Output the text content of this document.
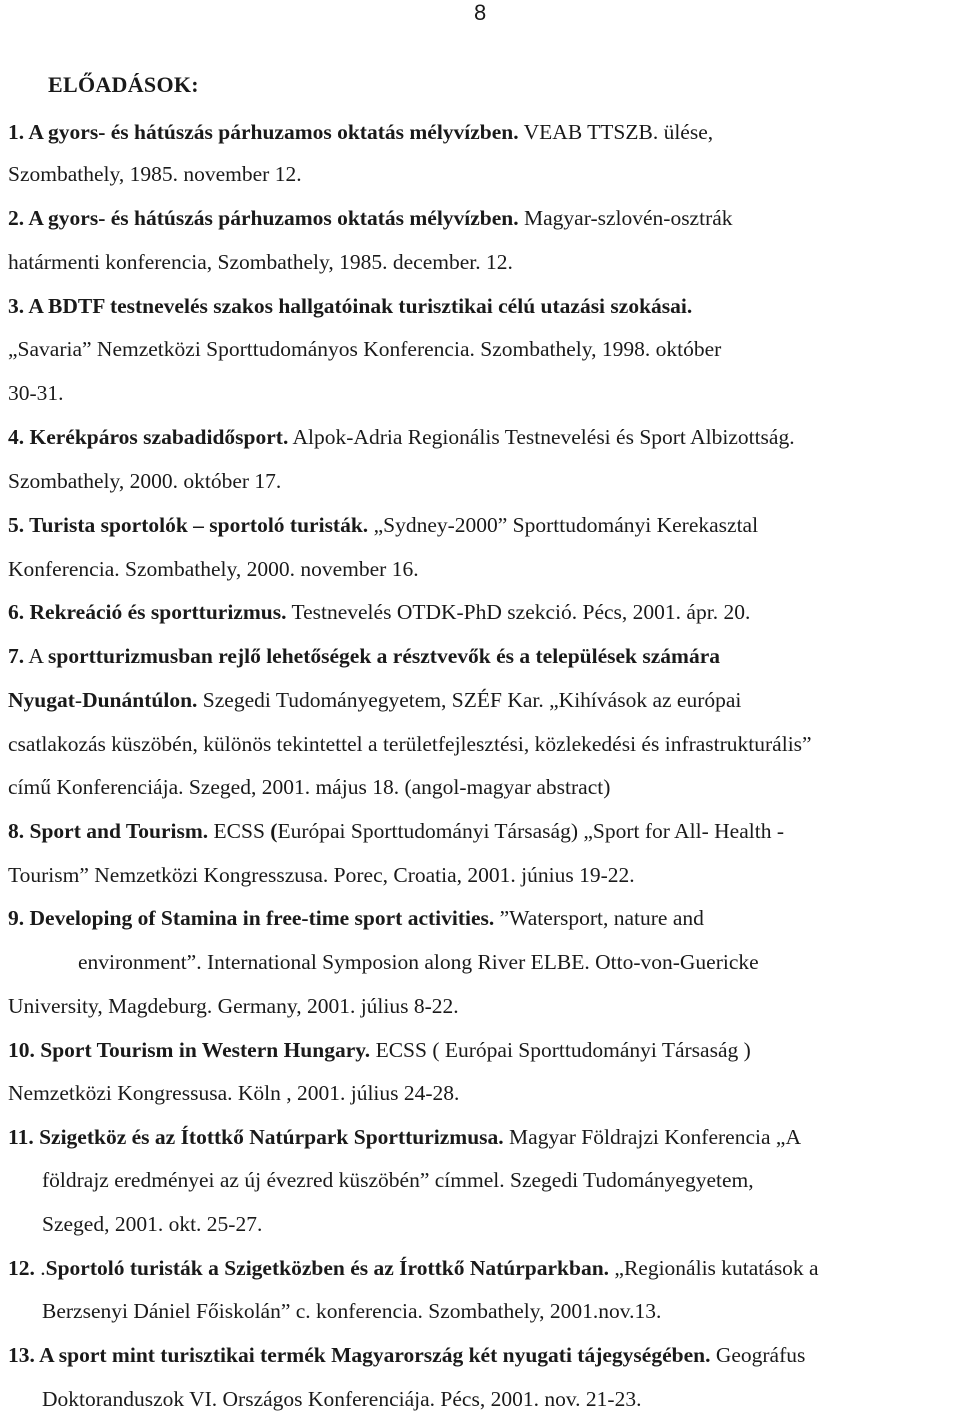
8
ELŐADÁSOK:
1. A gyors- és hátúszás párhuzamos oktatás mélyvízben. VEAB TTSZB. ülése,
Szombathely, 1985. november 12.
2. A gyors- és hátúszás párhuzamos oktatás mélyvízben. Magyar-szlovén-osztrák
határmenti konferencia, Szombathely, 1985. december. 12.
3. A BDTF testnevelés szakos hallgatóinak turisztikai célú utazási szokásai.
„Savaria” Nemzetközi Sporttudományos Konferencia. Szombathely, 1998. október
30-31.
4. Kerékpáros szabadidősport. Alpok-Adria Regionális Testnevelési és Sport Albizottság.
Szombathely, 2000. október 17.
5. Turista sportolók – sportoló turisták. „Sydney-2000” Sporttudományi Kerekasztal
Konferencia. Szombathely, 2000. november 16.
6. Rekreáció és sportturizmus. Testnevelés OTDK-PhD szekció. Pécs, 2001. ápr. 20.
7. A sportturizmusban rejlő lehetőségek a résztvevők és a települések számára
Nyugat-Dunántúlon. Szegedi Tudományegyetem, SZÉF Kar. „Kihívások az európai
csatlakozás küszöbén, különös tekintettel a területfejlesztési, közlekedési és infrastrukturális”
című Konferenciája. Szeged, 2001. május 18. (angol-magyar abstract)
8. Sport and Tourism. ECSS (Európai Sporttudományi Társaság) „Sport for All- Health -
Tourism” Nemzetközi Kongresszusa. Porec, Croatia, 2001. június 19-22.
9. Developing of Stamina in free-time sport activities. ”Watersport, nature and
environment”. International Symposion along River ELBE. Otto-von-Guericke
University, Magdeburg. Germany, 2001. július 8-22.
10. Sport Tourism in Western Hungary. ECSS ( Európai Sporttudományi Társaság )
Nemzetközi Kongressusa. Köln , 2001. július 24-28.
11. Szigetköz és az Ítottkő Natúrpark Sportturizmusa. Magyar Földrajzi Konferencia „A
földrajz eredményei az új évezred küszöbén” címmel. Szegedi Tudományegyetem,
Szeged, 2001. okt. 25-27.
12. .Sportoló turisták a Szigetközben és az Írottkő Natúrparkban. „Regionális kutatások a
Berzsenyi Dániel Főiskolán” c. konferencia. Szombathely, 2001.nov.13.
13. A sport mint turisztikai termék Magyarország két nyugati tájegységében. Geográfus
Doktoranduszok VI. Országos Konferenciája. Pécs, 2001. nov. 21-23.
